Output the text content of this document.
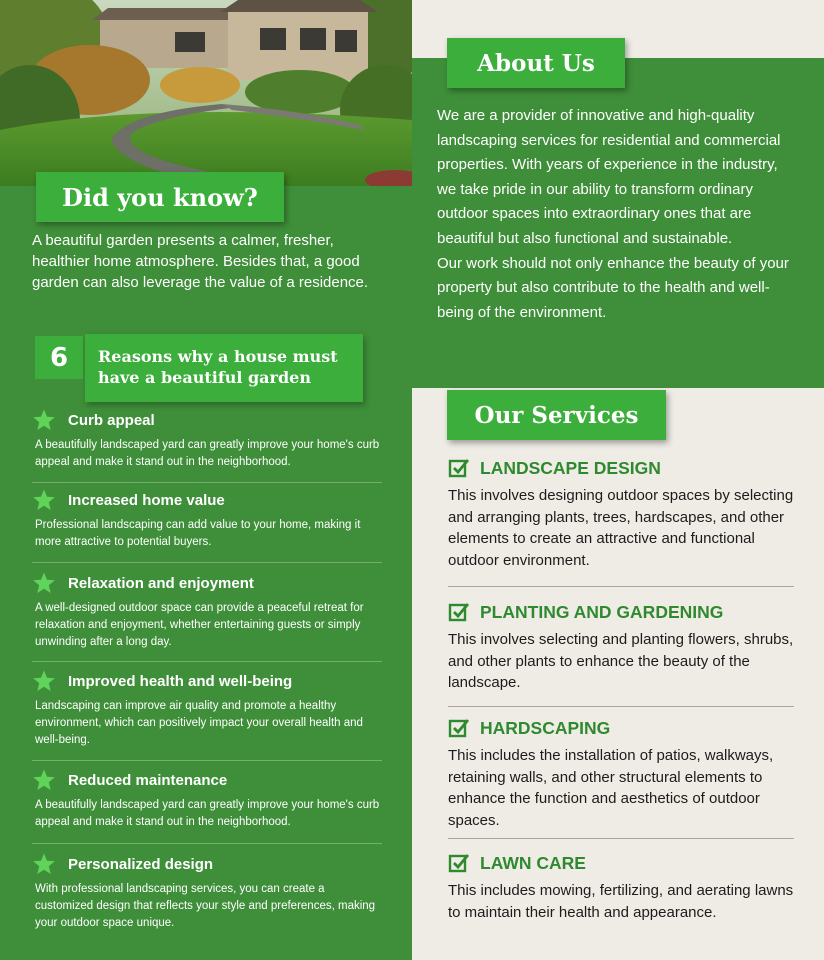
Did you know?

A beautiful garden presents a calmer, fresher, healthier home atmosphere. Besides that, a good garden can also leverage the value of a residence.

6	Reasons why a house must
have a beautiful garden
Curb appeal
A beautifully landscaped yard can greatly improve your home's curb appeal and make it stand out in the neighborhood.
Increased home value
Professional landscaping can add value to your home, making it more attractive to potential buyers.
Relaxation and enjoyment
A well-designed outdoor space can provide a peaceful retreat for relaxation and enjoyment, whether entertaining guests or simply unwinding after a long day.
Improved health and well-being
Landscaping can improve air quality and promote a healthy environment, which can positively impact your overall health and well-being.
Reduced maintenance
A beautifully landscaped yard can greatly improve your home's curb appeal and make it stand out in the neighborhood.
Personalized design
With professional landscaping services, you can create a customized design that reflects your style and preferences, making your outdoor space unique.
About Us

We are a provider of innovative and high-quality landscaping services for residential and commercial properties. With years of experience in the industry, we take pride in our ability to transform ordinary outdoor spaces into extraordinary ones that are beautiful but also functional and sustainable.

Our work should not only enhance the beauty of your property but also contribute to the health and well-being of the environment.

Our Services
LANDSCAPE DESIGN
This involves designing outdoor spaces by selecting and arranging plants, trees, hardscapes, and other elements to create an attractive and functional outdoor environment.
PLANTING AND GARDENING
This involves selecting and planting flowers, shrubs, and other plants to enhance the beauty of the landscape.
HARDSCAPING
This includes the installation of patios, walkways, retaining walls, and other structural elements to enhance the function and aesthetics of outdoor spaces.
LAWN CARE
This includes mowing, fertilizing, and aerating lawns to maintain their health and appearance.
